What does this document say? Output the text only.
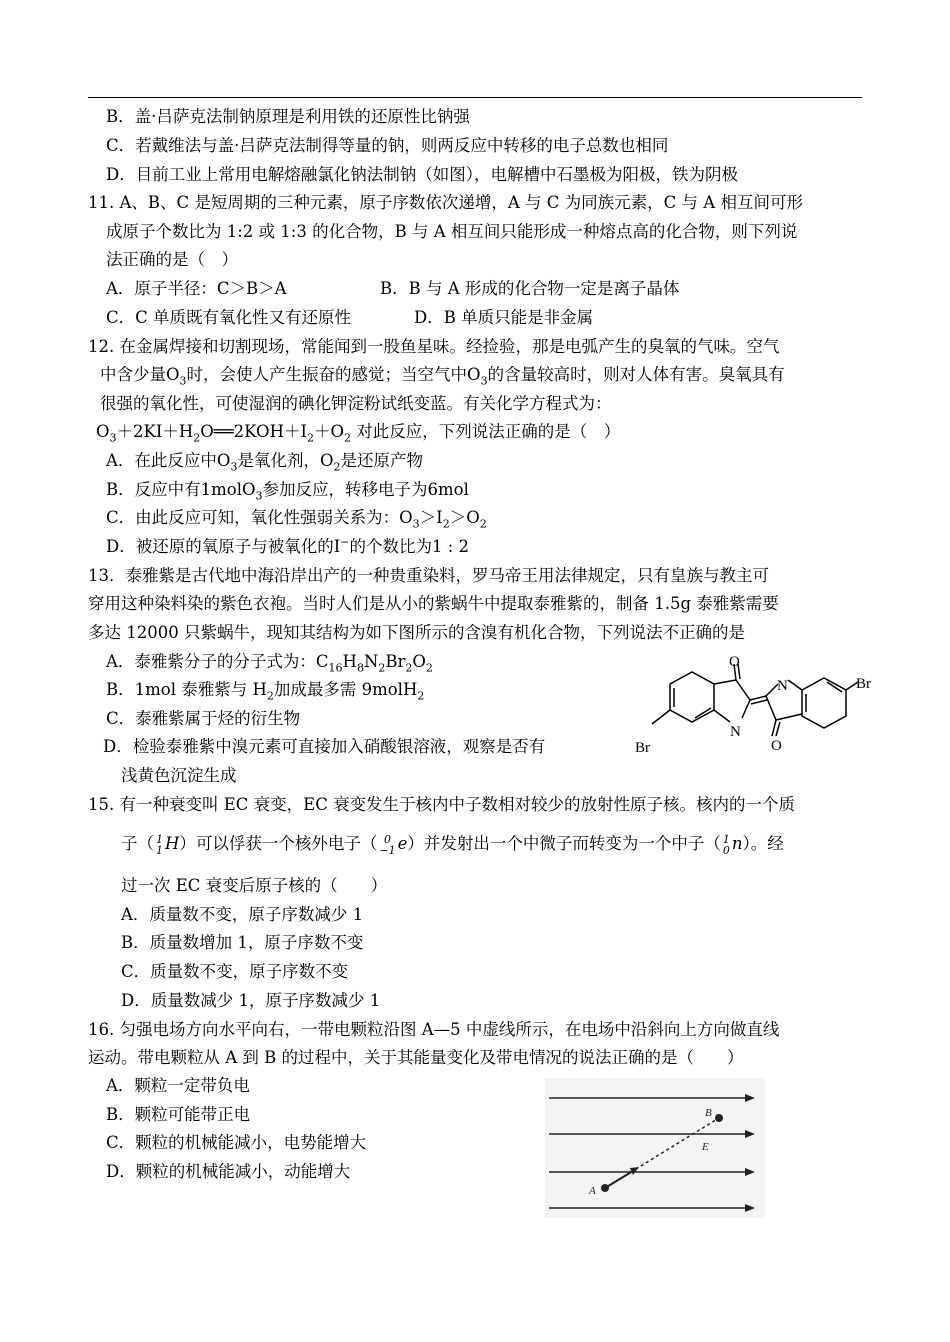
B．盖·吕萨克法制钠原理是利用铁的还原性比钠强
C．若戴维法与盖·吕萨克法制得等量的钠，则两反应中转移的电子总数也相同
D．目前工业上常用电解熔融氯化钠法制钠（如图），电解槽中石墨极为阳极，铁为阴极
11. A、B、C 是短周期的三种元素，原子序数依次递增，A 与 C 为同族元素，C 与 A 相互间可形
成原子个数比为 1:2 或 1:3 的化合物，B 与 A 相互间只能形成一种熔点高的化合物，则下列说
法正确的是（　）
A．原子半径：C＞B＞A	B．B 与 A 形成的化合物一定是离子晶体
C．C 单质既有氧化性又有还原性	D．B 单质只能是非金属
12. 在金属焊接和切割现场，常能闻到一股鱼星味。经捡验，那是电弧产生的臭氧的气味。空气
中含少量$O_3$时，会使人产生振奋的感觉；当空气中$O_3$的含量较高时，则对人体有害。臭氧具有
很强的氧化性，可使湿润的碘化钾淀粉试纸变蓝。有关化学方程式为：
$O_3+2KI+H_2O══2KOH+I_2+O_2$ 对此反应，下列说法正确的是（　）
A．在此反应中$O_3$是氧化剂，$O_2$是还原产物
B．反应中有1molO$_3$参加反应，转移电子为6mol
C．由此反应可知，氧化性强弱关系为：$O_3>I_2>O_2$
D．被还原的氧原子与被氧化的I−的个数比为1 : 2
13．泰雅紫是古代地中海沿岸出产的一种贵重染料，罗马帝王用法律规定，只有皇族与教主可
穿用这种染料染的紫色衣袍。当时人们是从小的紫蜗牛中提取泰雅紫的，制备 1.5g 泰雅紫需要
多达 12000 只紫蜗牛，现知其结构为如下图所示的含溴有机化合物，下列说法不正确的是
A．泰雅紫分子的分子式为：$C_{16}H_8N_2Br_2O_2$
B．1mol 泰雅紫与 $H_2$加成最多需 9molH$_2$
C．泰雅紫属于烃的衍生物
D．检验泰雅紫中溴元素可直接加入硝酸银溶液，观察是否有
浅黄色沉淀生成
O
O
N
N
Br
Br
15. 有一种衰变叫 EC 衰变，EC 衰变发生于核内中子数相对较少的放射性原子核。核内的一个质
子（ 1
1 H）可以俘获一个核外电子（ 0
−1 e）并发射出一个中微子而转变为一个中子（ 1
0 n）。经
过一次 EC 衰变后原子核的（　　）
A．质量数不变，原子序数减少 1
B．质量数增加 1，原子序数不变
C．质量数不变，原子序数不变
D．质量数减少 1，原子序数减少 1
16. 匀强电场方向水平向右，一带电颗粒沿图 A—5 中虚线所示，在电场中沿斜向上方向做直线
运动。带电颗粒从 A 到 B 的过程中，关于其能量变化及带电情况的说法正确的是（　　）
A．颗粒一定带负电
B．颗粒可能带正电
C．颗粒的机械能减小，电势能增大
D．颗粒的机械能减小，动能增大
A
B
E
